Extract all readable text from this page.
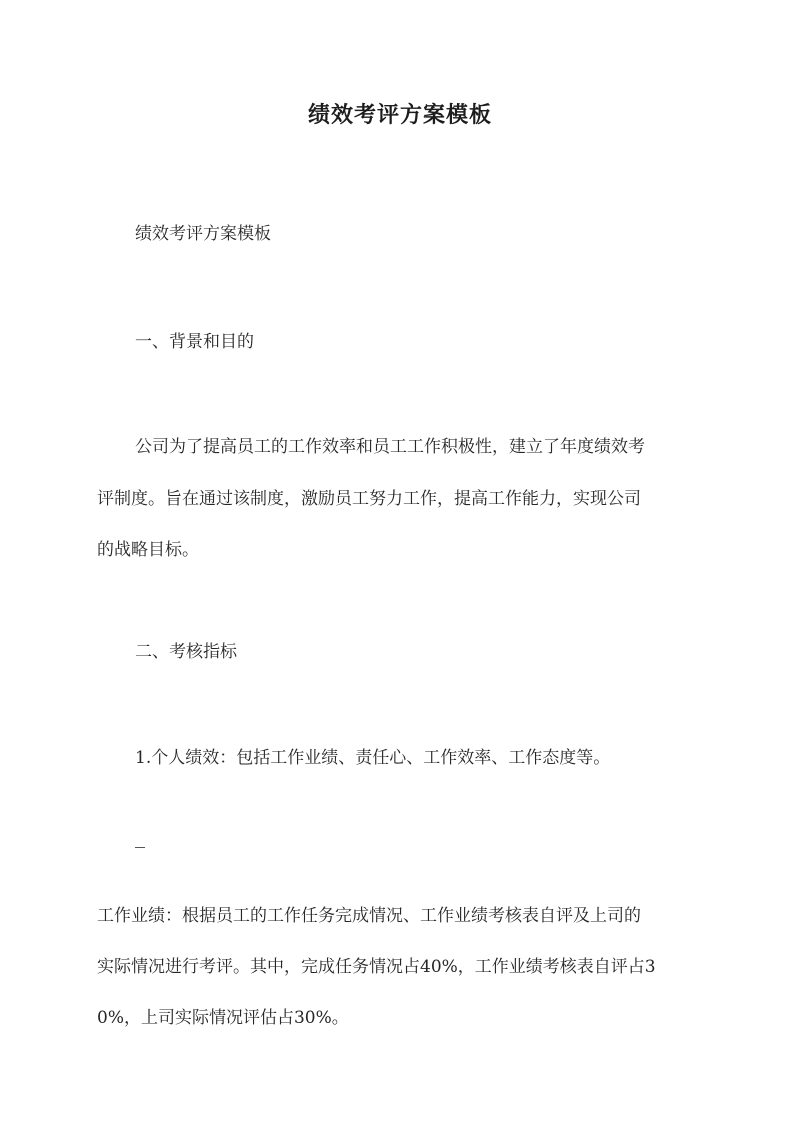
绩效考评方案模板
绩效考评方案模板
一、背景和目的
公司为了提高员工的工作效率和员工工作积极性，建立了年度绩效考
评制度。旨在通过该制度，激励员工努力工作，提高工作能力，实现公司
的战略目标。
二、考核指标
1.个人绩效：包括工作业绩、责任心、工作效率、工作态度等。
工作业绩：根据员工的工作任务完成情况、工作业绩考核表自评及上司的
实际情况进行考评。其中，完成任务情况占40%，工作业绩考核表自评占3
0%，上司实际情况评估占30%。
